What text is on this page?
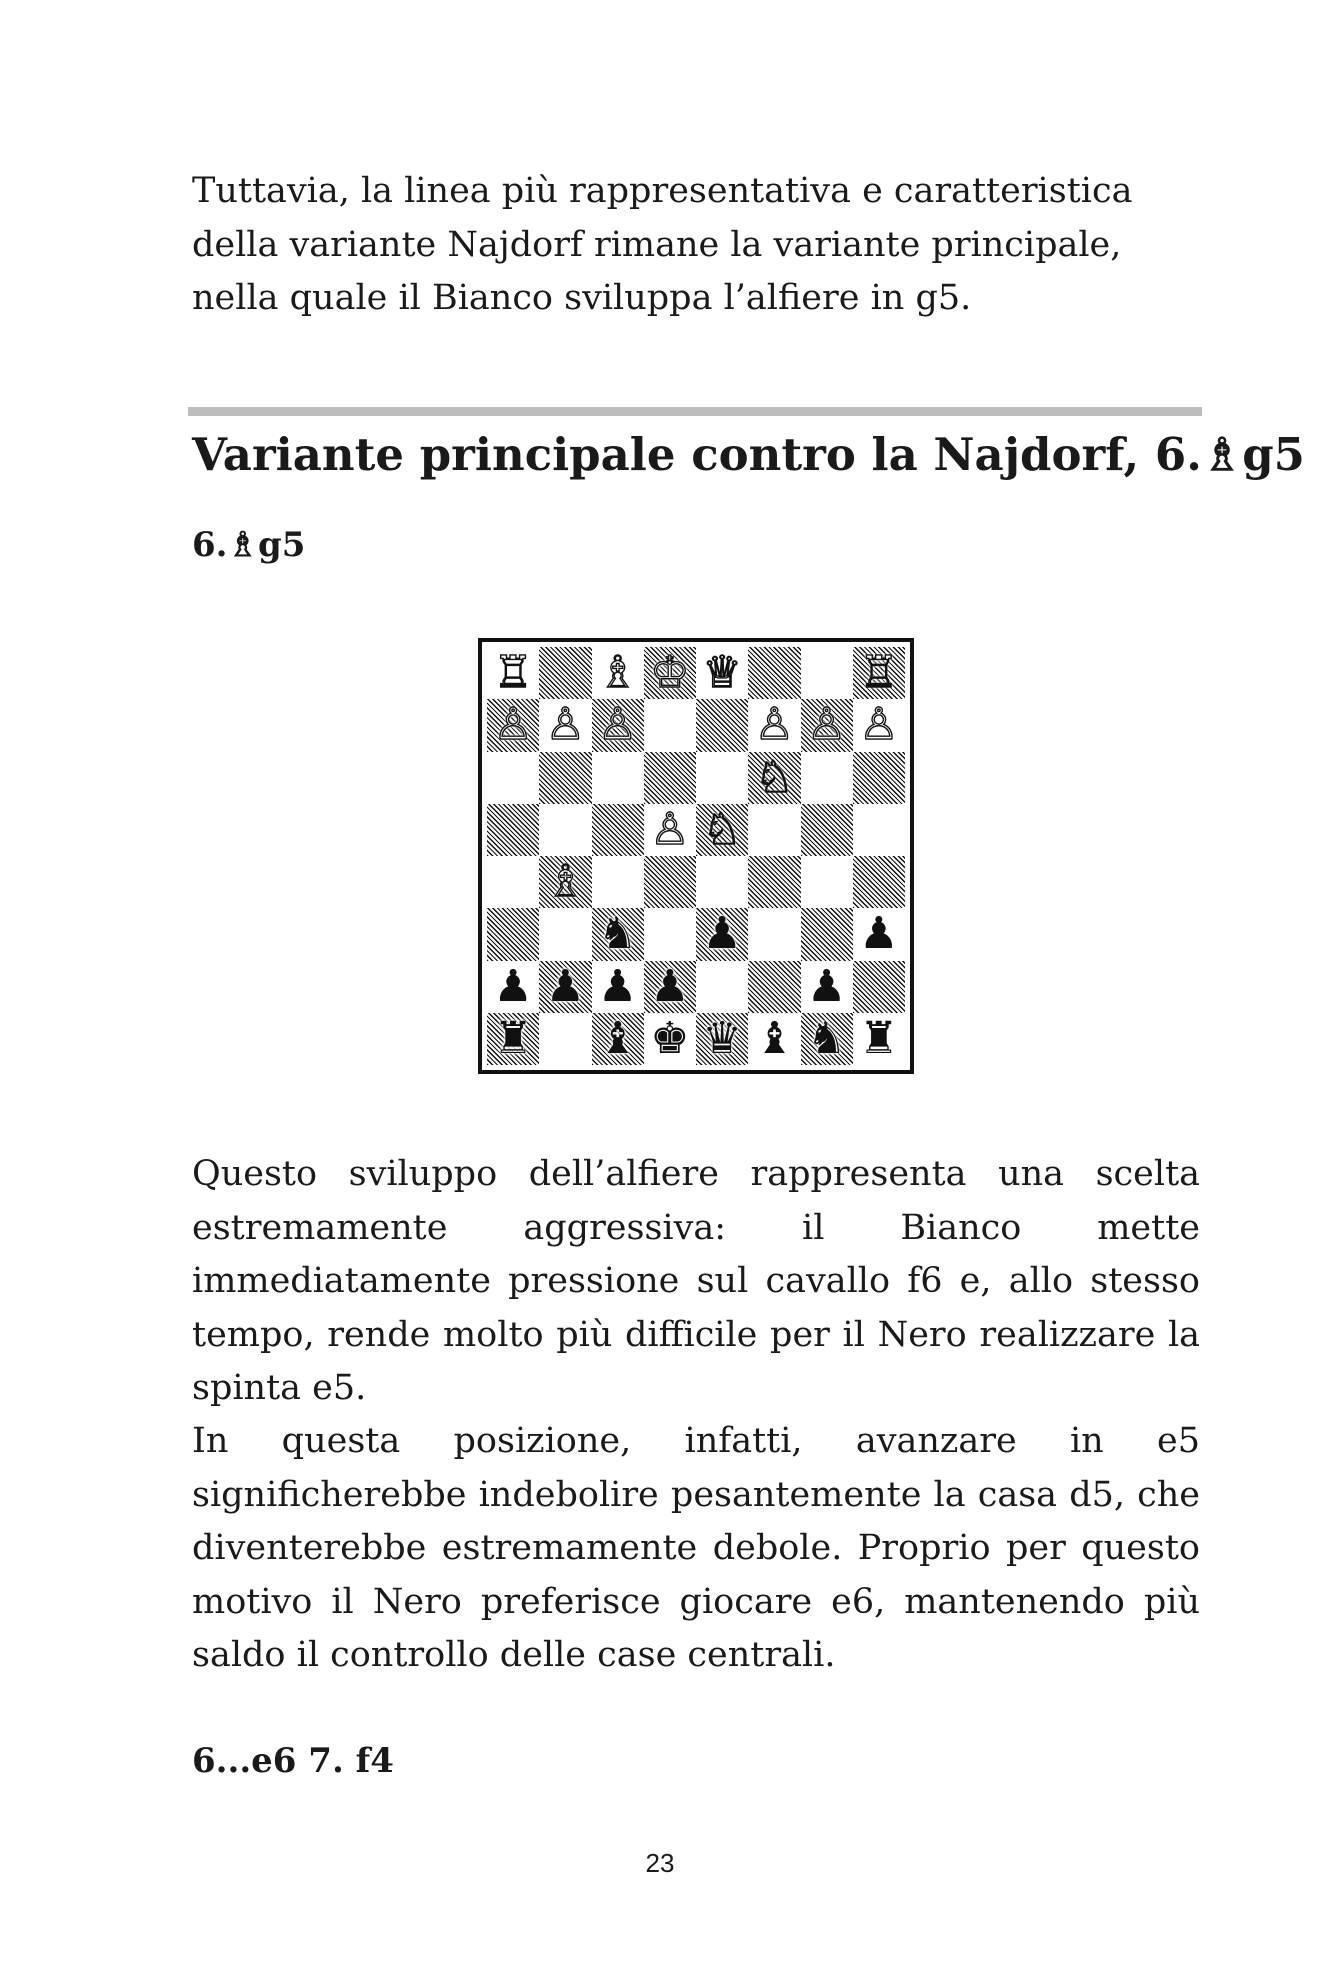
Tuttavia, la linea più rappresentativa e caratteristica della variante Najdorf rimane la variante principale, nella quale il Bianco sviluppa l’alfiere in g5.

Variante principale contro la Najdorf, 6.♗g5

6.♗g5

♖ ♗ ♔ ♕	♖
♙ ♙ ♙	♙ ♙ ♙
♘
♙ ♘
♗
♞ ♟	♟
♟ ♟ ♟ ♟	♟
♜ ♝ ♚ ♛ ♝ ♞ ♜

Questo sviluppo dell’alfiere rappresenta una scelta estremamente aggressiva: il Bianco mette immediatamente pressione sul cavallo f6 e, allo stesso tempo, rende molto più difficile per il Nero realizzare la spinta e5.

In questa posizione, infatti, avanzare in e5 significherebbe indebolire pesantemente la casa d5, che diventerebbe estremamente debole. Proprio per questo motivo il Nero preferisce giocare e6, mantenendo più saldo il controllo delle case centrali.

6...e6 7. f4

23
